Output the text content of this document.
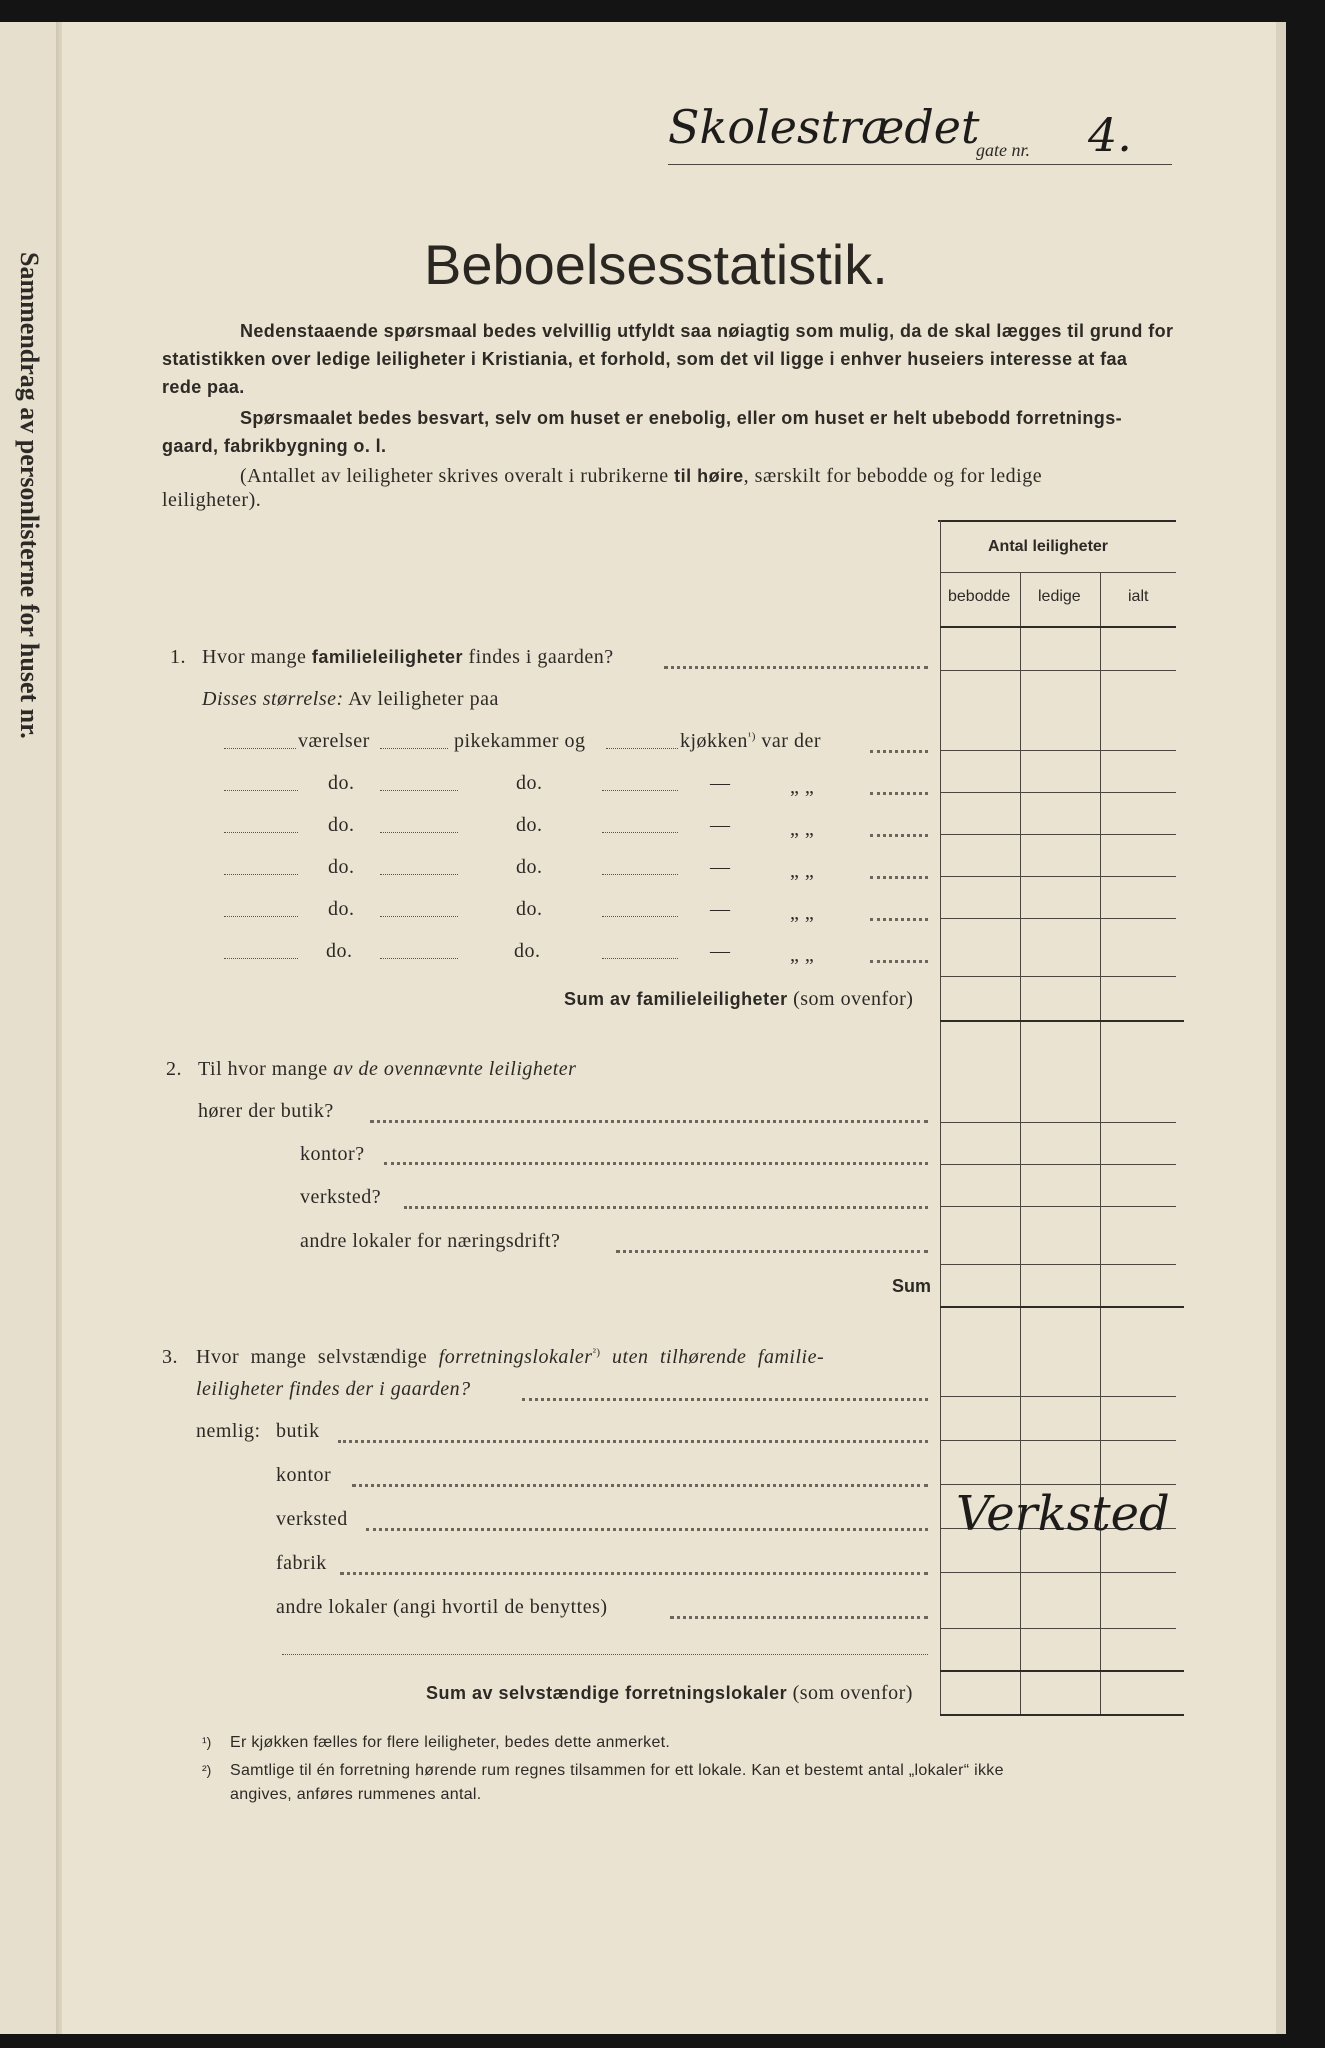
Sammendrag av personlisterne for huset nr.
Skolestrædet
gate nr. 4.
Beboelsesstatistik.
Nedenstaaende spørsmaal bedes velvillig utfyldt saa nøiagtig som mulig, da de skal lægges til grund for
statistikken over ledige leiligheter i Kristiania, et forhold, som det vil ligge i enhver huseiers interesse at faa
rede paa.
Spørsmaalet bedes besvart, selv om huset er enebolig, eller om huset er helt ubebodd forretnings-
gaard, fabrikbygning o. l.
(Antallet av leiligheter skrives overalt i rubrikerne til høire, særskilt for bebodde og for ledige
leiligheter).
Antal leiligheter
bebodde ledige	ialt
1. Hvor mange familieleiligheter findes i gaarden?
Disses størrelse: Av leiligheter paa
værelser	pikekammer og	kjøkken$^{^1)}$ var der
do.	do.	—	„ „
do.	do.	—	„ „
do.	do.	—	„ „
do.	do.	—	„ „
do.	do.	—	„ „
Sum av familieleiligheter (som ovenfor)
2. Til hvor mange av de ovennævnte leiligheter
hører der butik?
kontor?
verksted?
andre lokaler for næringsdrift?
Sum
3. Hvor mange selvstændige forretningslokaler$^{^2)}$ uten tilhørende familie-
leiligheter findes der i gaarden?
nemlig: butik
kontor
verksted
fabrik
andre lokaler (angi hvortil de benyttes)
Verksted
Sum av selvstændige forretningslokaler (som ovenfor)
¹) Er kjøkken fælles for flere leiligheter, bedes dette anmerket.
²) Samtlige til én forretning hørende rum regnes tilsammen for ett lokale. Kan et bestemt antal „lokaler“ ikke
angives, anføres rummenes antal.
